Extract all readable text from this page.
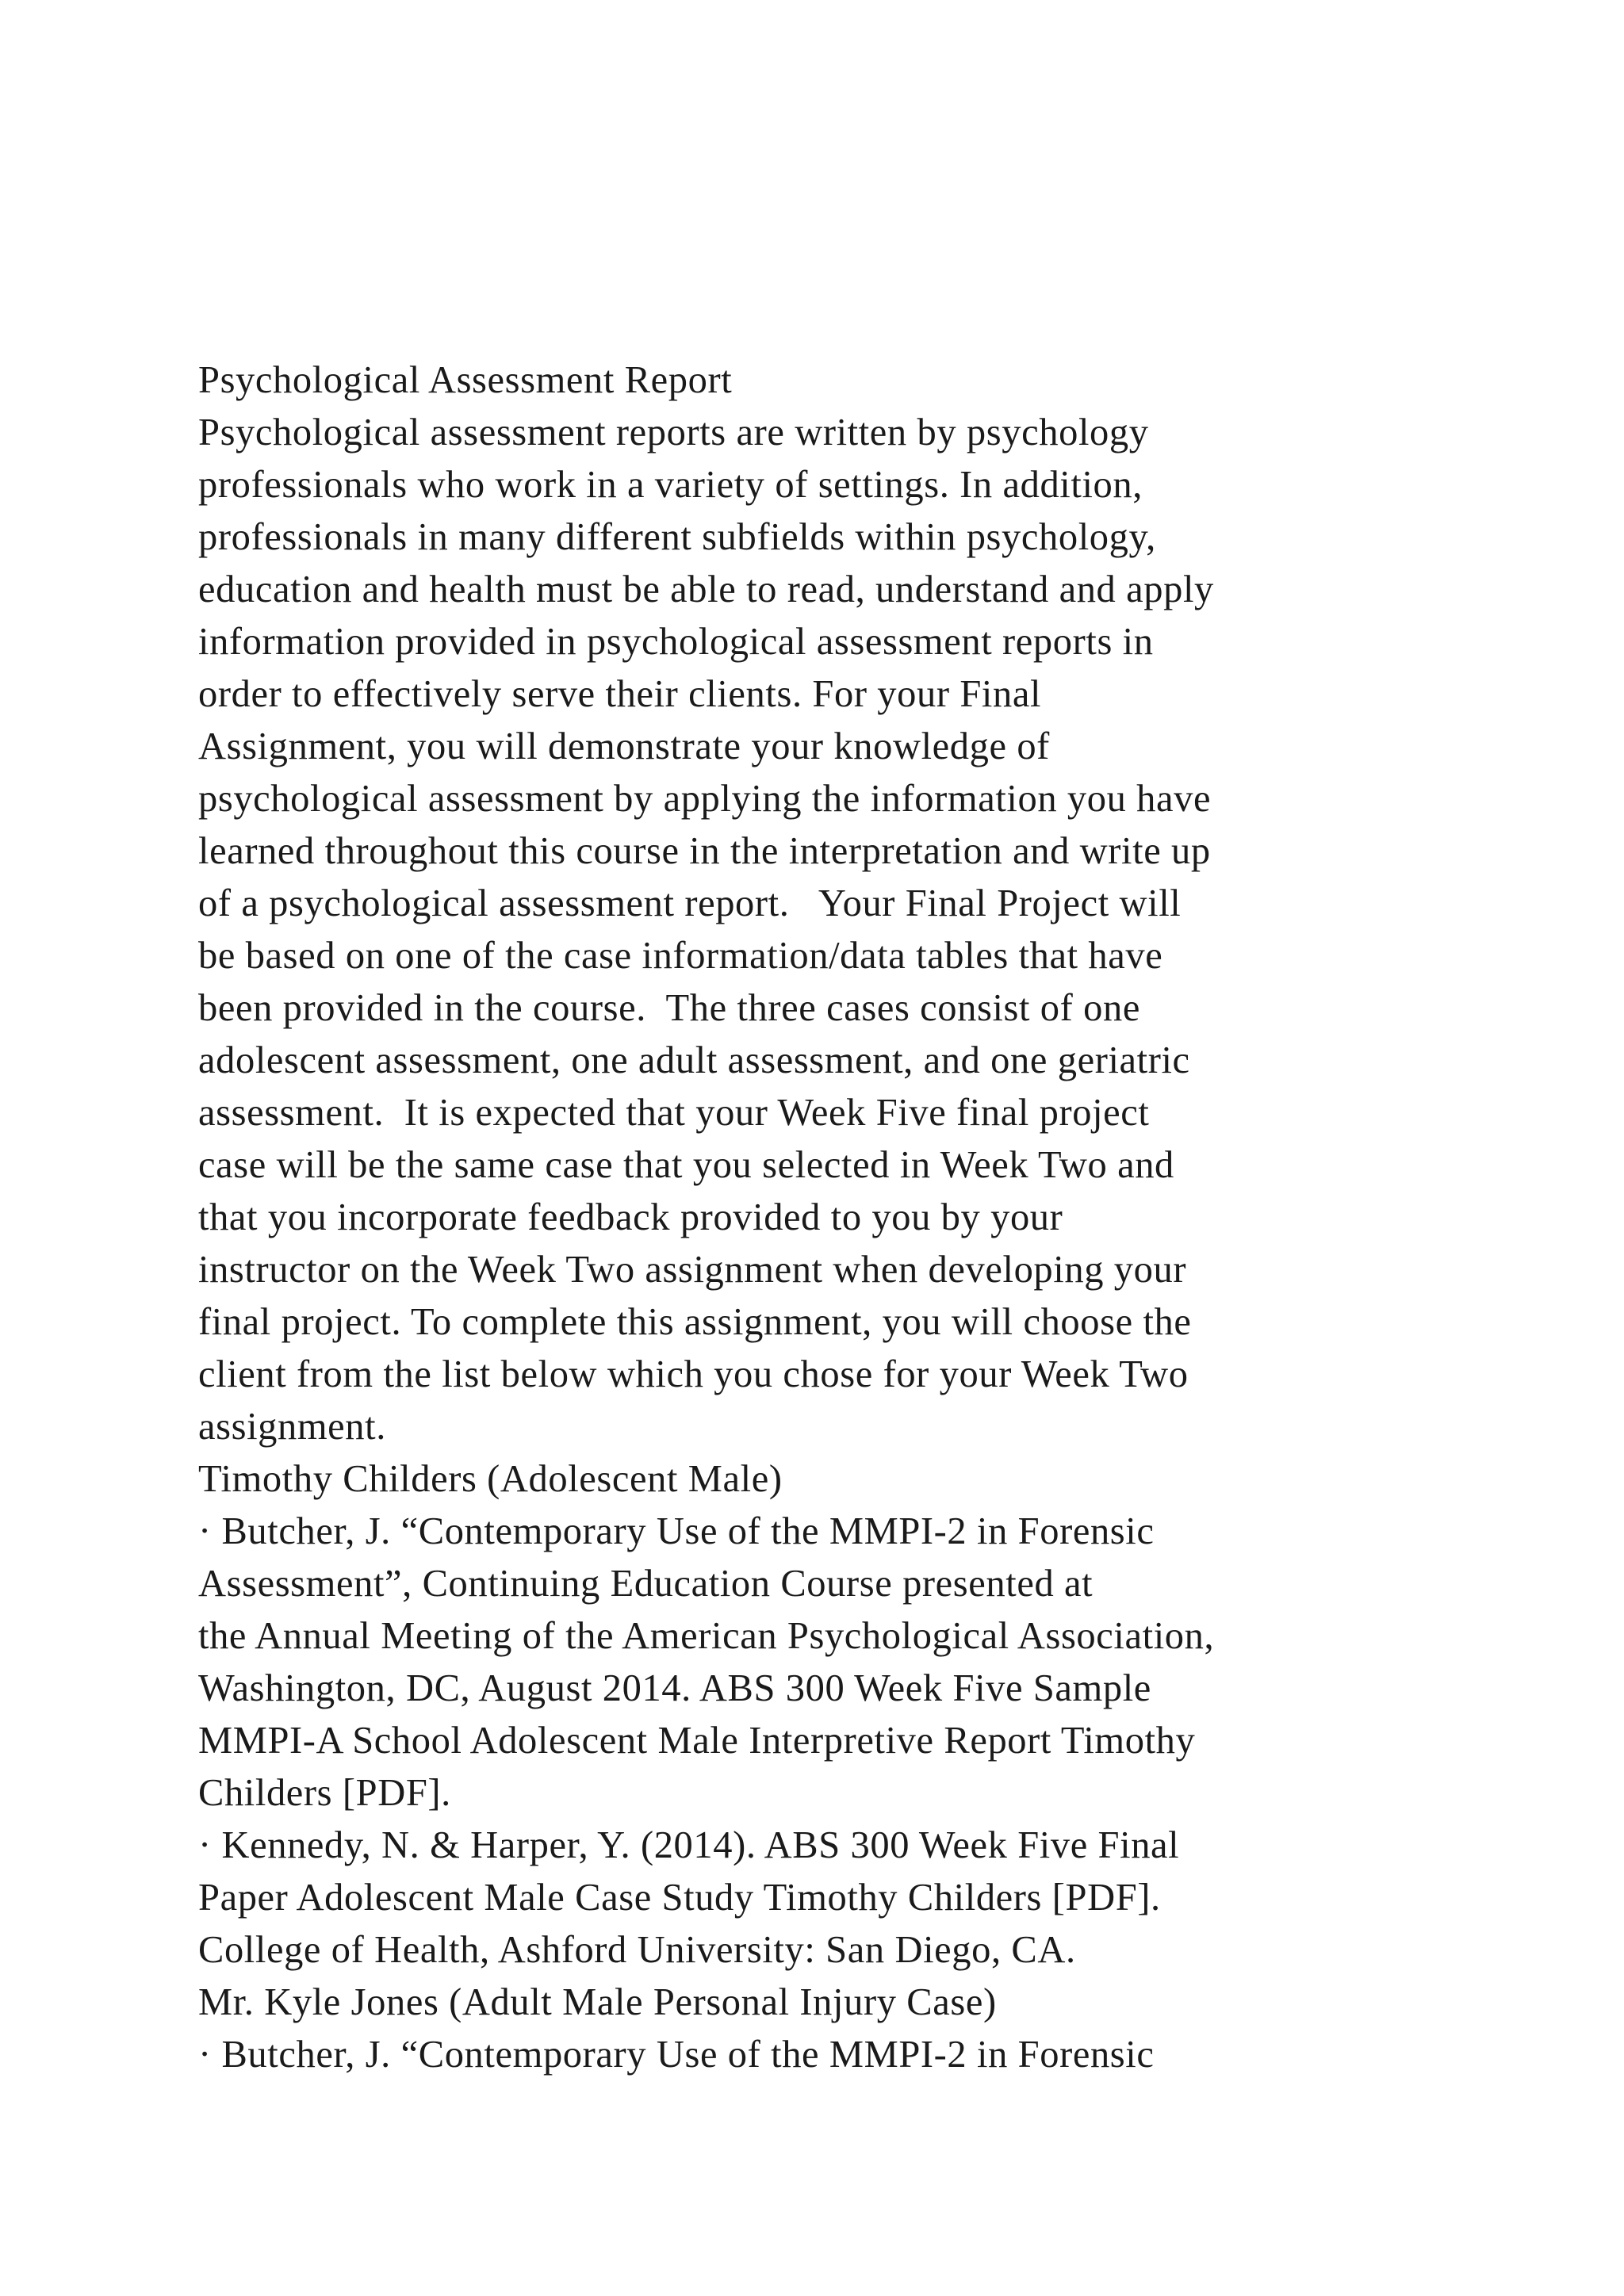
Psychological Assessment Report
Psychological assessment reports are written by psychology
professionals who work in a variety of settings. In addition,
professionals in many different subfields within psychology,
education and health must be able to read, understand and apply
information provided in psychological assessment reports in
order to effectively serve their clients. For your Final
Assignment, you will demonstrate your knowledge of
psychological assessment by applying the information you have
learned throughout this course in the interpretation and write up
of a psychological assessment report.   Your Final Project will
be based on one of the case information/data tables that have
been provided in the course.  The three cases consist of one
adolescent assessment, one adult assessment, and one geriatric
assessment.  It is expected that your Week Five final project
case will be the same case that you selected in Week Two and
that you incorporate feedback provided to you by your
instructor on the Week Two assignment when developing your
final project. To complete this assignment, you will choose the
client from the list below which you chose for your Week Two
assignment.
Timothy Childers (Adolescent Male)
· Butcher, J. “Contemporary Use of the MMPI-2 in Forensic
Assessment”, Continuing Education Course presented at
the Annual Meeting of the American Psychological Association,
Washington, DC, August 2014. ABS 300 Week Five Sample
MMPI-A School Adolescent Male Interpretive Report Timothy
Childers [PDF].
· Kennedy, N. & Harper, Y. (2014). ABS 300 Week Five Final
Paper Adolescent Male Case Study Timothy Childers [PDF].
College of Health, Ashford University: San Diego, CA.
Mr. Kyle Jones (Adult Male Personal Injury Case)
· Butcher, J. “Contemporary Use of the MMPI-2 in Forensic
